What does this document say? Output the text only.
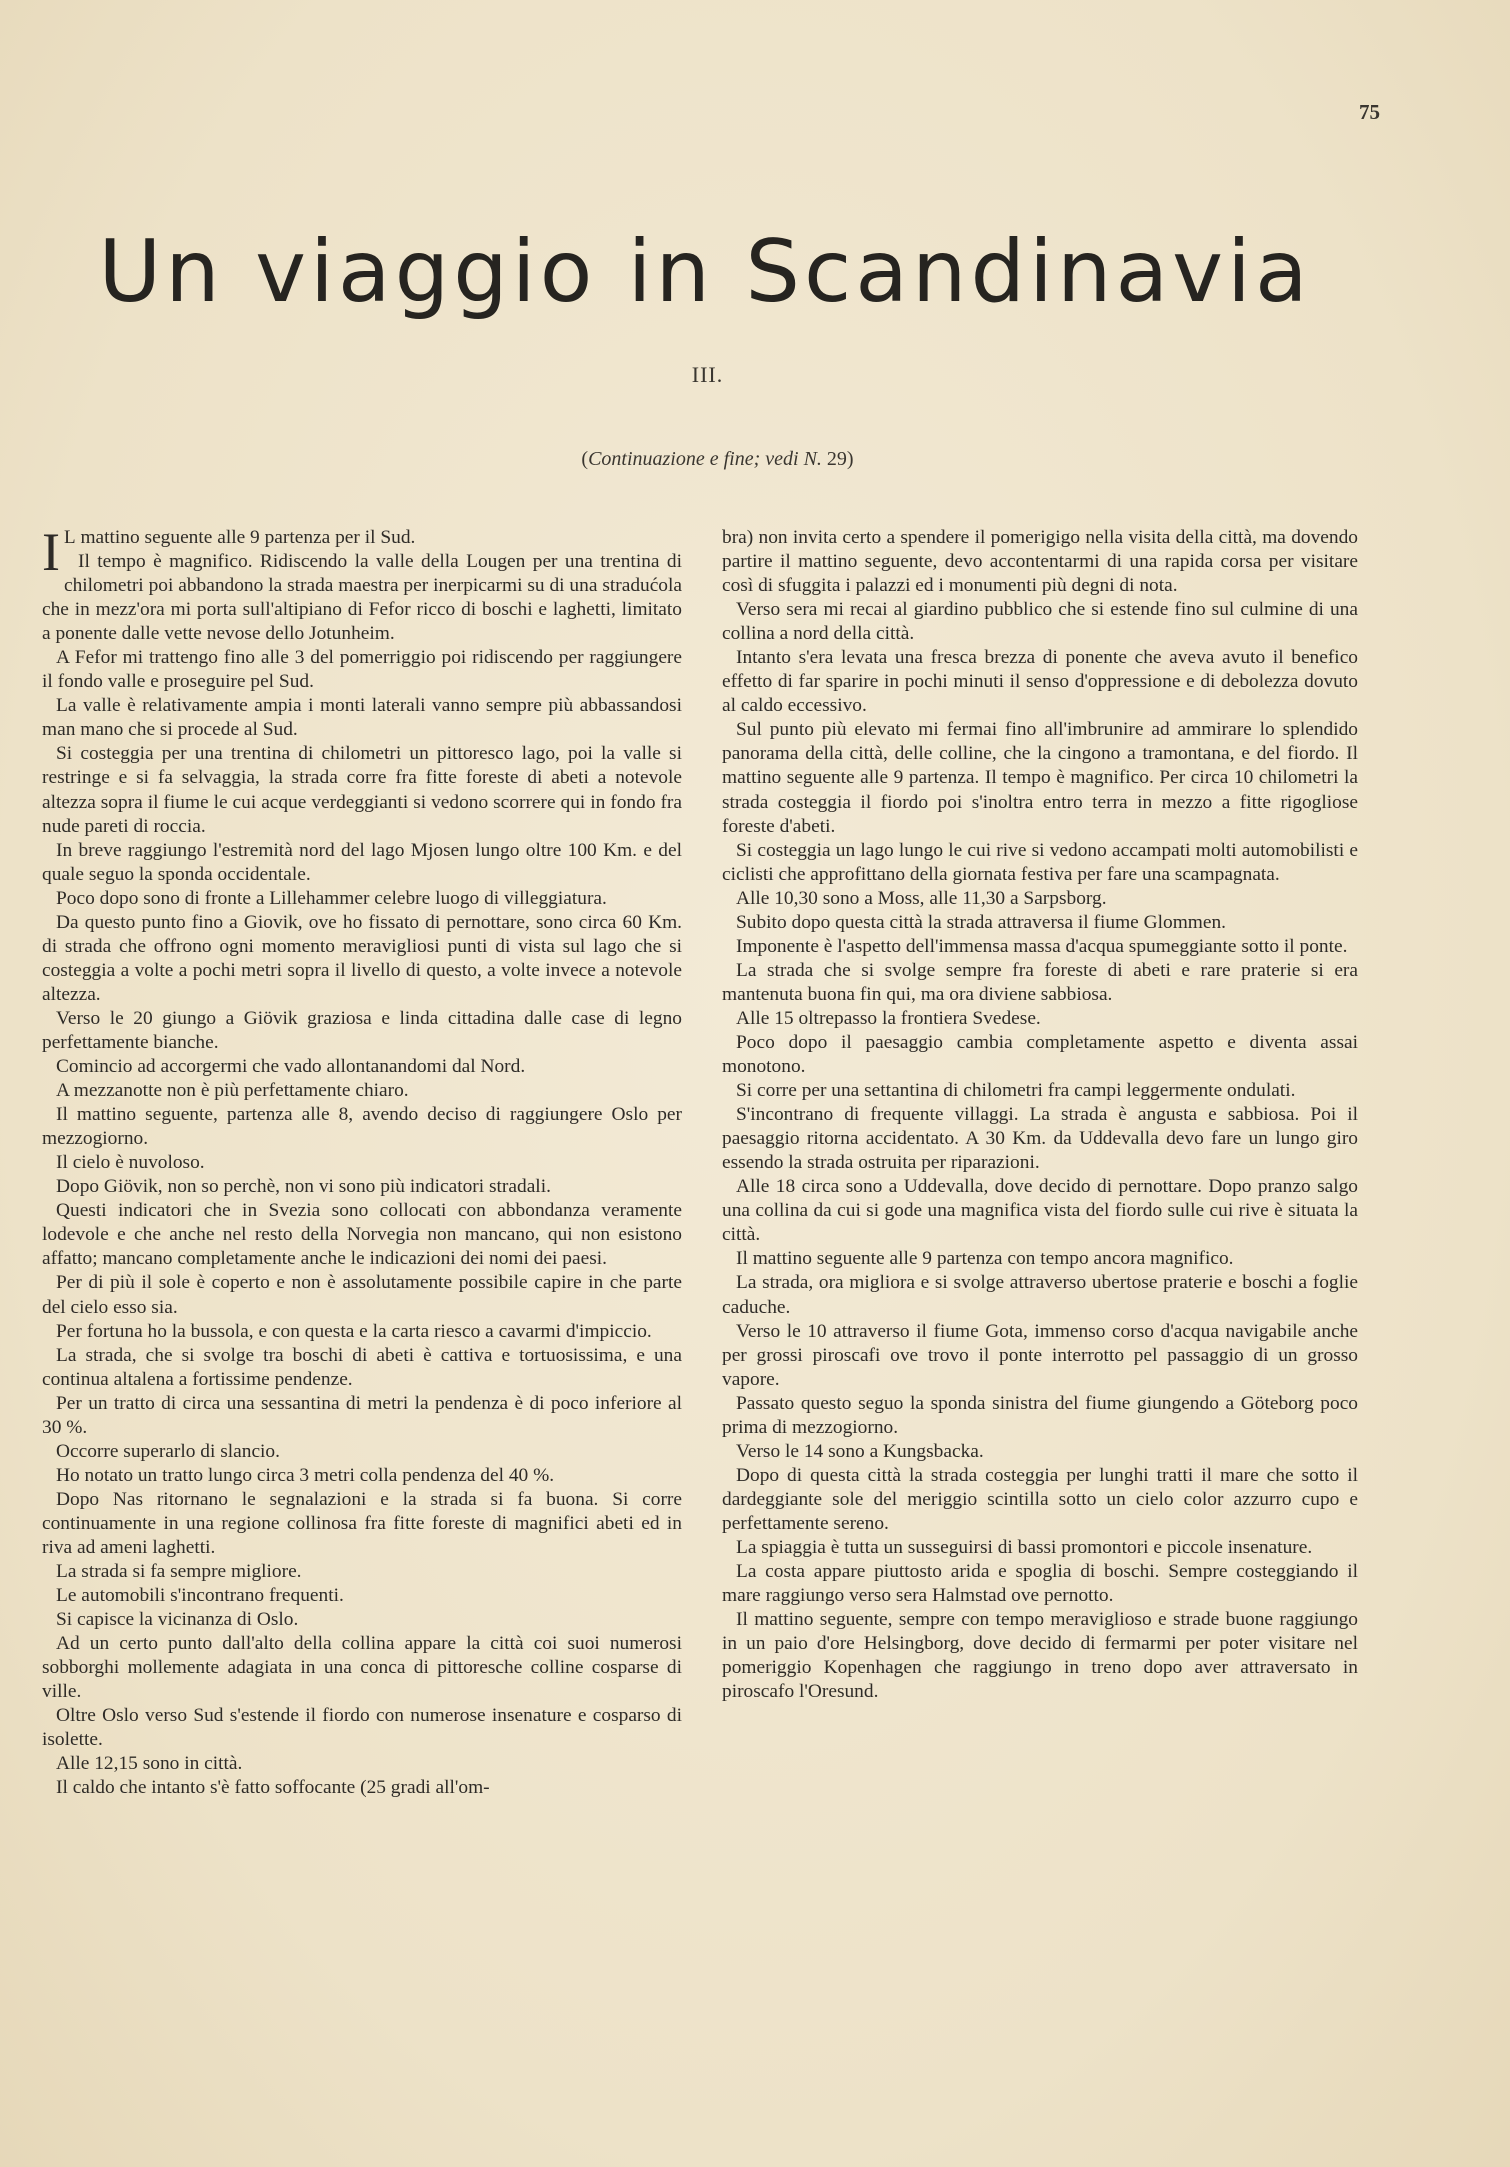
75
Un viaggio in Scandinavia
III.
(Continuazione e fine; vedi N. 29)

I L mattino seguente alle 9 partenza per il Sud.

Il tempo è magnifico. Ridiscendo la valle della Lougen per una trentina di chilometri poi abbandono la strada maestra per inerpicarmi su di una stradućola che in mezz'ora mi porta sull'altipiano di Fefor ricco di boschi e laghetti, limitato a ponente dalle vette nevose dello Jotunheim.

A Fefor mi trattengo fino alle 3 del pomerriggio poi ridiscendo per raggiungere il fondo valle e proseguire pel Sud.

La valle è relativamente ampia i monti laterali vanno sempre più abbassandosi man mano che si procede al Sud.

Si costeggia per una trentina di chilometri un pittoresco lago, poi la valle si restringe e si fa selvaggia, la strada corre fra fitte foreste di abeti a notevole altezza sopra il fiume le cui acque verdeggianti si vedono scorrere qui in fondo fra nude pareti di roccia.

In breve raggiungo l'estremità nord del lago Mjosen lungo oltre 100 Km. e del quale seguo la sponda occidentale.

Poco dopo sono di fronte a Lillehammer celebre luogo di villeggiatura.

Da questo punto fino a Giovik, ove ho fissato di pernottare, sono circa 60 Km. di strada che offrono ogni momento meravigliosi punti di vista sul lago che si costeggia a volte a pochi metri sopra il livello di questo, a volte invece a notevole altezza.

Verso le 20 giungo a Giövik graziosa e linda cittadina dalle case di legno perfettamente bianche.

Comincio ad accorgermi che vado allontanandomi dal Nord.

A mezzanotte non è più perfettamente chiaro.

Il mattino seguente, partenza alle 8, avendo deciso di raggiungere Oslo per mezzogiorno.

Il cielo è nuvoloso.

Dopo Giövik, non so perchè, non vi sono più indicatori stradali.

Questi indicatori che in Svezia sono collocati con abbondanza veramente lodevole e che anche nel resto della Norvegia non mancano, qui non esistono affatto; mancano completamente anche le indicazioni dei nomi dei paesi.

Per di più il sole è coperto e non è assolutamente possibile capire in che parte del cielo esso sia.

Per fortuna ho la bussola, e con questa e la carta riesco a cavarmi d'impiccio.

La strada, che si svolge tra boschi di abeti è cattiva e tortuosissima, e una continua altalena a fortissime pendenze.

Per un tratto di circa una sessantina di metri la pendenza è di poco inferiore al 30 %.

Occorre superarlo di slancio.

Ho notato un tratto lungo circa 3 metri colla pendenza del 40 %.

Dopo Nas ritornano le segnalazioni e la strada si fa buona. Si corre continuamente in una regione collinosa fra fitte foreste di magnifici abeti ed in riva ad ameni laghetti.

La strada si fa sempre migliore.

Le automobili s'incontrano frequenti.

Si capisce la vicinanza di Oslo.

Ad un certo punto dall'alto della collina appare la città coi suoi numerosi sobborghi mollemente adagiata in una conca di pittoresche colline cosparse di ville.

Oltre Oslo verso Sud s'estende il fiordo con numerose insenature e cosparso di isolette.

Alle 12,15 sono in città.

Il caldo che intanto s'è fatto soffocante (25 gradi all'om-

bra) non invita certo a spendere il pomerigigo nella visita della città, ma dovendo partire il mattino seguente, devo accontentarmi di una rapida corsa per visitare così di sfuggita i palazzi ed i monumenti più degni di nota.

Verso sera mi recai al giardino pubblico che si estende fino sul culmine di una collina a nord della città.

Intanto s'era levata una fresca brezza di ponente che aveva avuto il benefico effetto di far sparire in pochi minuti il senso d'oppressione e di debolezza dovuto al caldo eccessivo.

Sul punto più elevato mi fermai fino all'imbrunire ad ammirare lo splendido panorama della città, delle colline, che la cingono a tramontana, e del fiordo. Il mattino seguente alle 9 partenza. Il tempo è magnifico. Per circa 10 chilometri la strada costeggia il fiordo poi s'inoltra entro terra in mezzo a fitte rigogliose foreste d'abeti.

Si costeggia un lago lungo le cui rive si vedono accampati molti automobilisti e ciclisti che approfittano della giornata festiva per fare una scampagnata.

Alle 10,30 sono a Moss, alle 11,30 a Sarpsborg.

Subito dopo questa città la strada attraversa il fiume Glommen.

Imponente è l'aspetto dell'immensa massa d'acqua spumeggiante sotto il ponte.

La strada che si svolge sempre fra foreste di abeti e rare praterie si era mantenuta buona fin qui, ma ora diviene sabbiosa.

Alle 15 oltrepasso la frontiera Svedese.

Poco dopo il paesaggio cambia completamente aspetto e diventa assai monotono.

Si corre per una settantina di chilometri fra campi leggermente ondulati.

S'incontrano di frequente villaggi. La strada è angusta e sabbiosa. Poi il paesaggio ritorna accidentato. A 30 Km. da Uddevalla devo fare un lungo giro essendo la strada ostruita per riparazioni.

Alle 18 circa sono a Uddevalla, dove decido di pernottare. Dopo pranzo salgo una collina da cui si gode una magnifica vista del fiordo sulle cui rive è situata la città.

Il mattino seguente alle 9 partenza con tempo ancora magnifico.

La strada, ora migliora e si svolge attraverso ubertose praterie e boschi a foglie caduche.

Verso le 10 attraverso il fiume Gota, immenso corso d'acqua navigabile anche per grossi piroscafi ove trovo il ponte interrotto pel passaggio di un grosso vapore.

Passato questo seguo la sponda sinistra del fiume giungendo a Göteborg poco prima di mezzogiorno.

Verso le 14 sono a Kungsbacka.

Dopo di questa città la strada costeggia per lunghi tratti il mare che sotto il dardeggiante sole del meriggio scintilla sotto un cielo color azzurro cupo e perfettamente sereno.

La spiaggia è tutta un susseguirsi di bassi promontori e piccole insenature.

La costa appare piuttosto arida e spoglia di boschi. Sempre costeggiando il mare raggiungo verso sera Halmstad ove pernotto.

Il mattino seguente, sempre con tempo meraviglioso e strade buone raggiungo in un paio d'ore Helsingborg, dove decido di fermarmi per poter visitare nel pomeriggio Kopenhagen che raggiungo in treno dopo aver attraversato in piroscafo l'Oresund.
